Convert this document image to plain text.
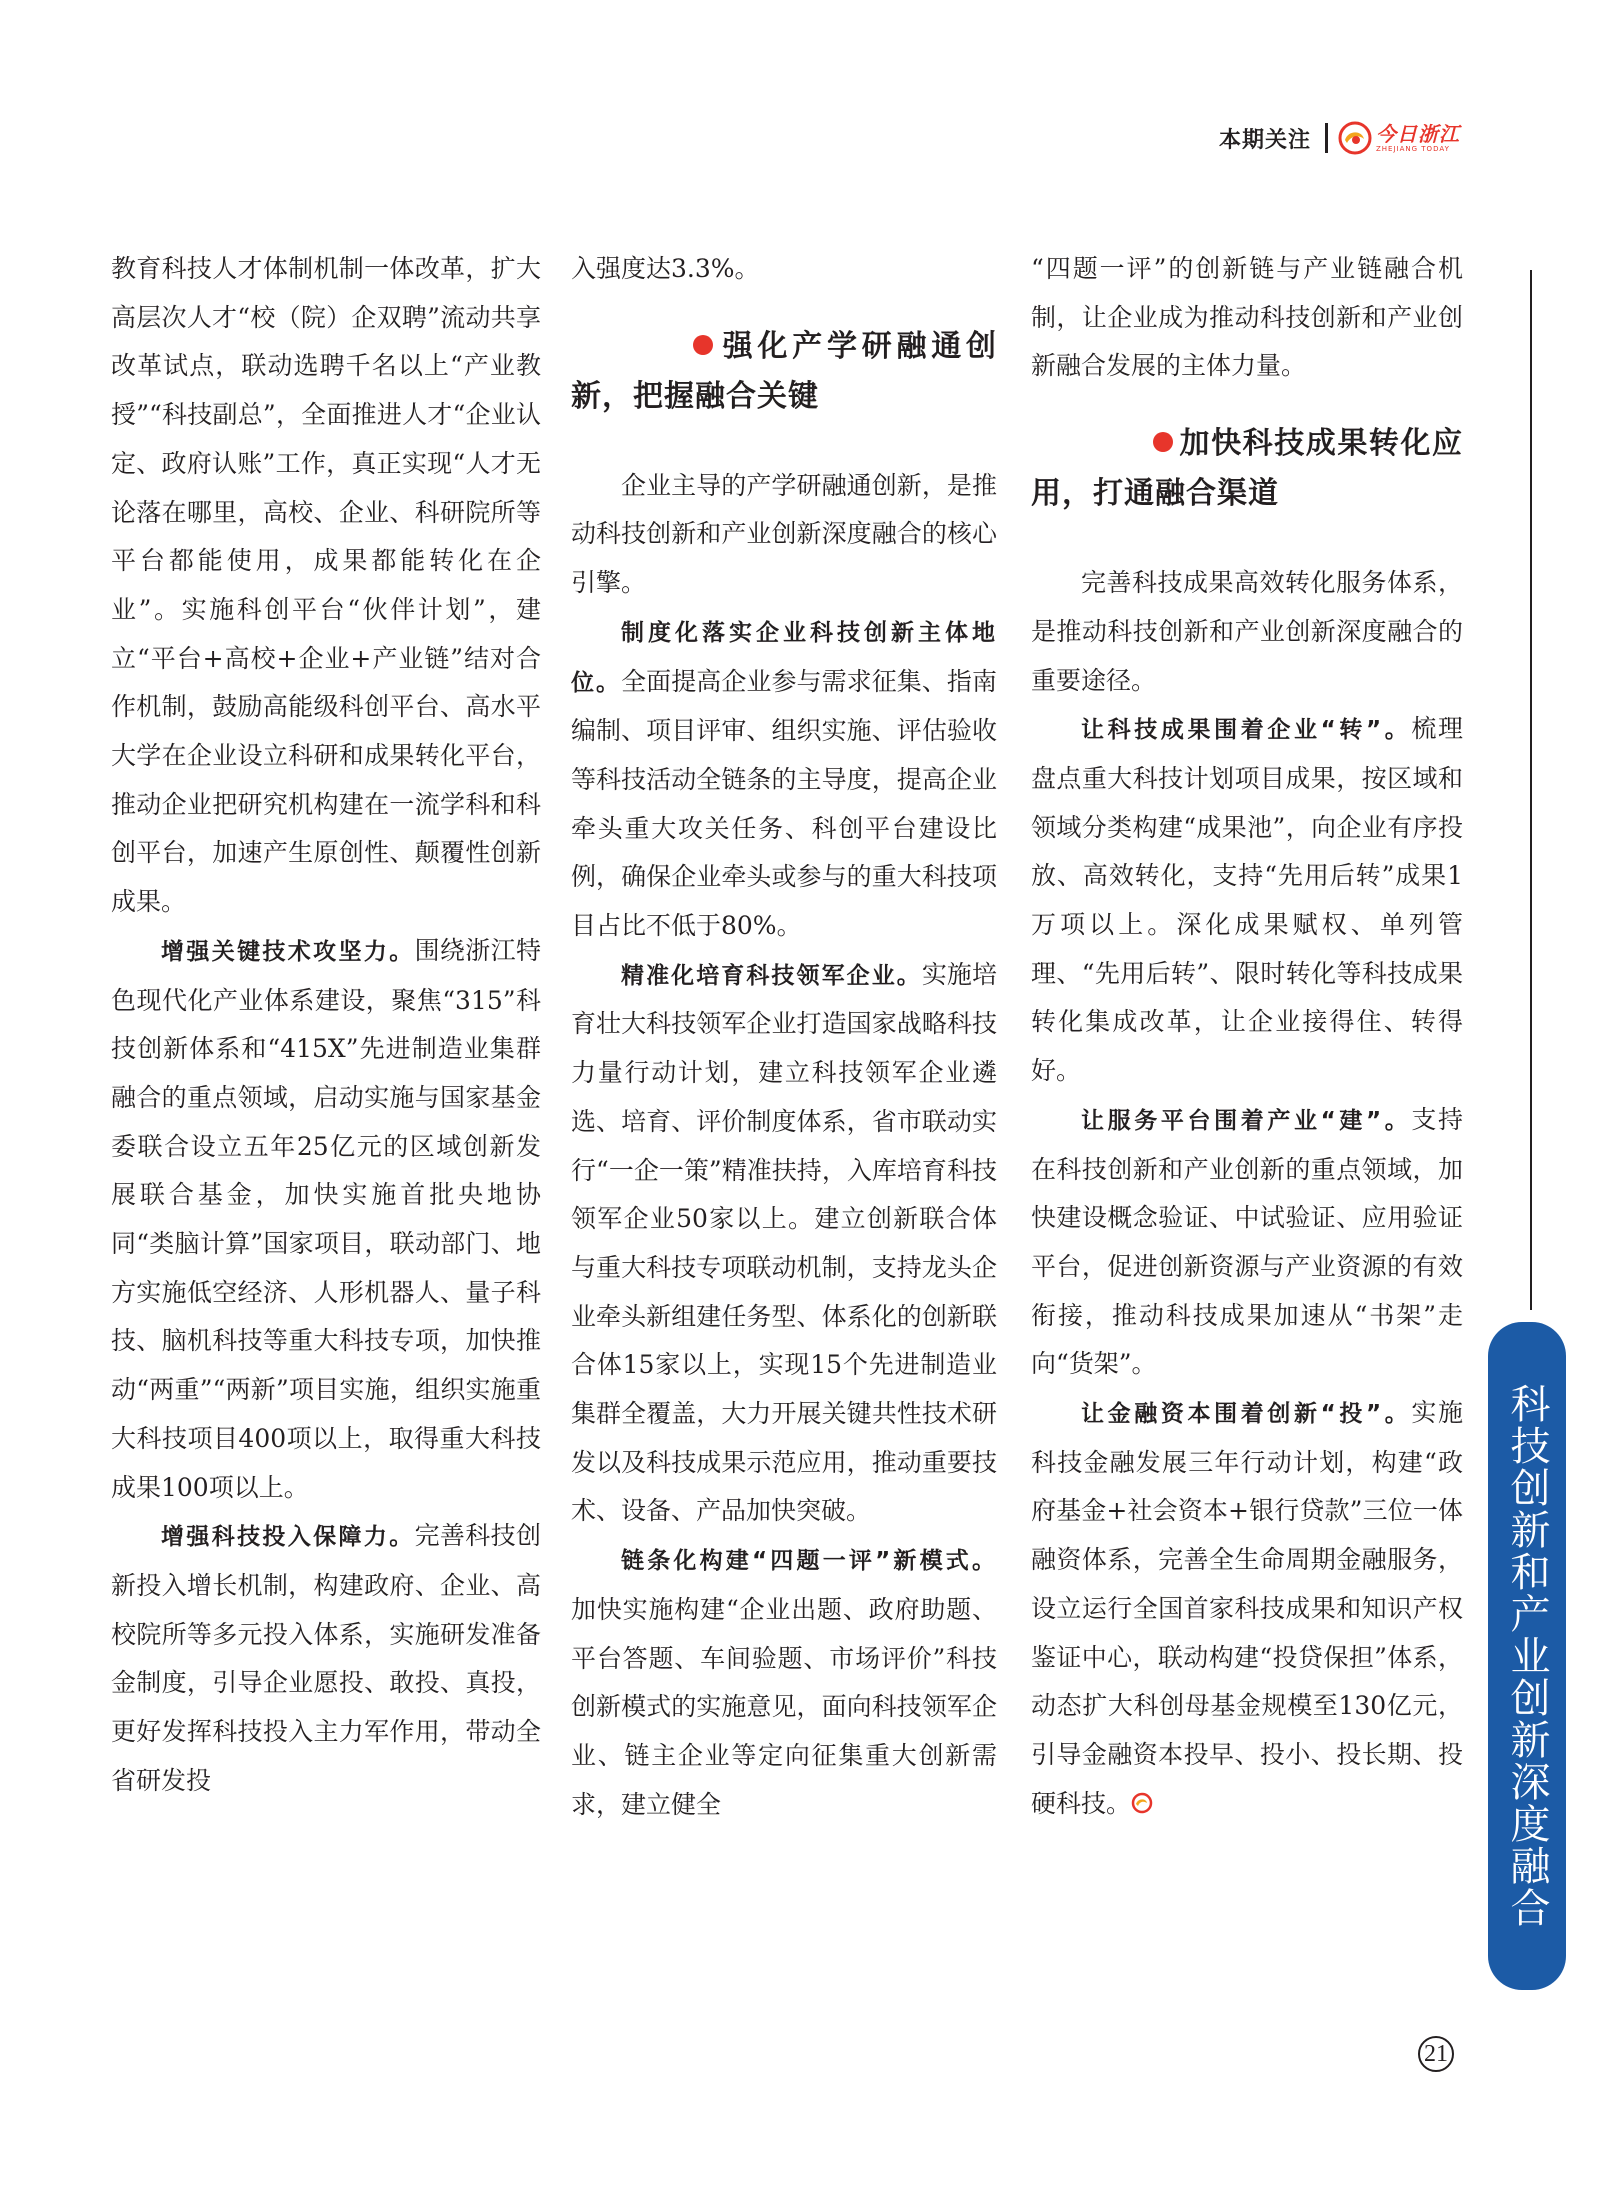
本期关注	今日浙江
ZHEJIANG TODAY

教育科技人才体制机制一体改革，扩大高层次人才“校（院）企双聘”流动共享改革试点，联动选聘千名以上“产业教授”“科技副总”，全面推进人才“企业认定、政府认账”工作，真正实现“人才无论落在哪里，高校、企业、科研院所等平台都能使用，成果都能转化在企业”。实施科创平台“伙伴计划”，建立“平台+高校+企业+产业链”结对合作机制，鼓励高能级科创平台、高水平大学在企业设立科研和成果转化平台，推动企业把研究机构建在一流学科和科创平台，加速产生原创性、颠覆性创新成果。

增强关键技术攻坚力。围绕浙江特色现代化产业体系建设，聚焦“315”科技创新体系和“415X”先进制造业集群融合的重点领域，启动实施与国家基金委联合设立五年25亿元的区域创新发展联合基金，加快实施首批央地协同“类脑计算”国家项目，联动部门、地方实施低空经济、人形机器人、量子科技、脑机科技等重大科技专项，加快推动“两重”“两新”项目实施，组织实施重大科技项目400项以上，取得重大科技成果100项以上。

增强科技投入保障力。完善科技创新投入增长机制，构建政府、企业、高校院所等多元投入体系，实施研发准备金制度，引导企业愿投、敢投、真投，更好发挥科技投入主力军作用，带动全省研发投

入强度达3.3%。

强化产学研融通创新，把握融合关键

企业主导的产学研融通创新，是推动科技创新和产业创新深度融合的核心引擎。

制度化落实企业科技创新主体地位。全面提高企业参与需求征集、指南编制、项目评审、组织实施、评估验收等科技活动全链条的主导度，提高企业牵头重大攻关任务、科创平台建设比例，确保企业牵头或参与的重大科技项目占比不低于80%。

精准化培育科技领军企业。实施培育壮大科技领军企业打造国家战略科技力量行动计划，建立科技领军企业遴选、培育、评价制度体系，省市联动实行“一企一策”精准扶持，入库培育科技领军企业50家以上。建立创新联合体与重大科技专项联动机制，支持龙头企业牵头新组建任务型、体系化的创新联合体15家以上，实现15个先进制造业集群全覆盖，大力开展关键共性技术研发以及科技成果示范应用，推动重要技术、设备、产品加快突破。

链条化构建“四题一评”新模式。加快实施构建“企业出题、政府助题、平台答题、车间验题、市场评价”科技创新模式的实施意见，面向科技领军企业、链主企业等定向征集重大创新需求，建立健全

“四题一评”的创新链与产业链融合机制，让企业成为推动科技创新和产业创新融合发展的主体力量。

加快科技成果转化应用，打通融合渠道

完善科技成果高效转化服务体系，是推动科技创新和产业创新深度融合的重要途径。

让科技成果围着企业“转”。梳理盘点重大科技计划项目成果，按区域和领域分类构建“成果池”，向企业有序投放、高效转化，支持“先用后转”成果1万项以上。深化成果赋权、单列管理、“先用后转”、限时转化等科技成果转化集成改革，让企业接得住、转得好。

让服务平台围着产业“建”。支持在科技创新和产业创新的重点领域，加快建设概念验证、中试验证、应用验证平台，促进创新资源与产业资源的有效衔接，推动科技成果加速从“书架”走向“货架”。

让金融资本围着创新“投”。实施科技金融发展三年行动计划，构建“政府基金+社会资本+银行贷款”三位一体融资体系，完善全生命周期金融服务，设立运行全国首家科技成果和知识产权鉴证中心，联动构建“投贷保担”体系，动态扩大科创母基金规模至130亿元，引导金融资本投早、投小、投长期、投硬科技。	科技创新和产业创新深度融合
21
